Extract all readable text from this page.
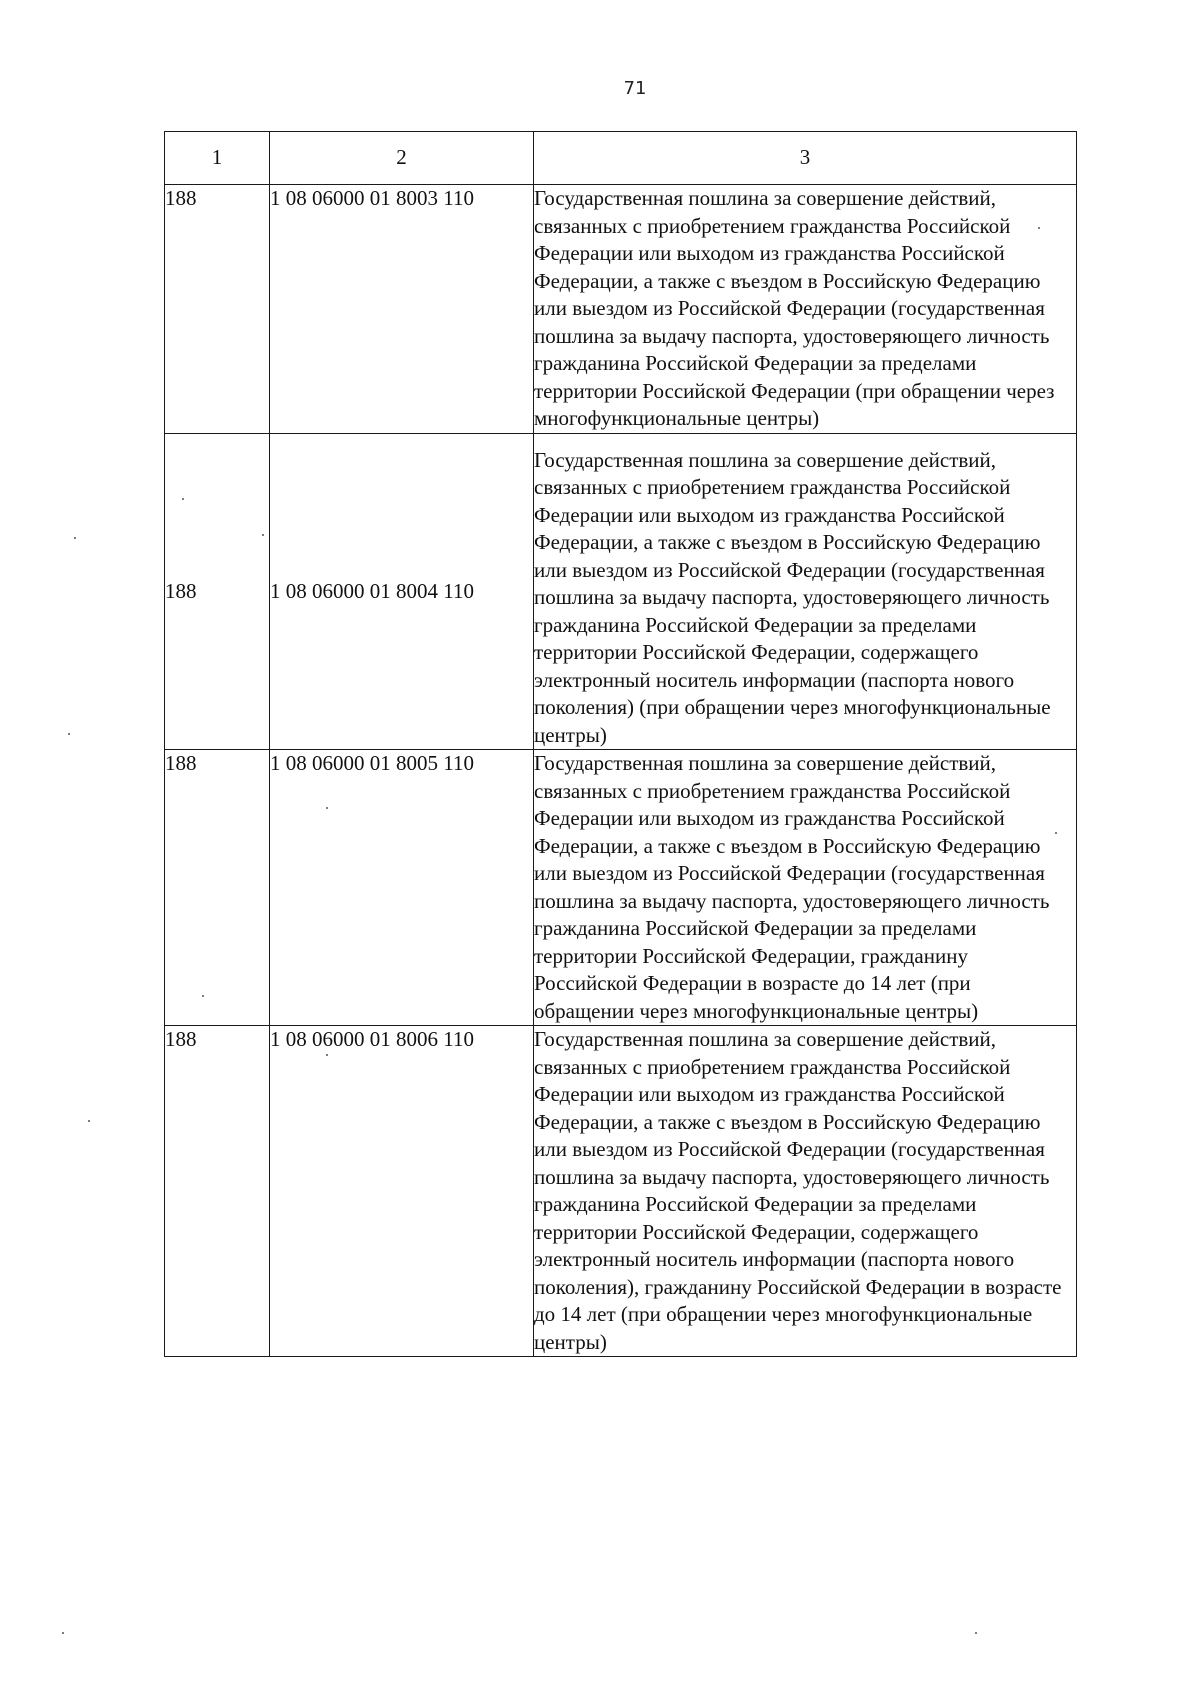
71
1	2	3
188	1 08 06000 01 8003 110	Государственная пошлина за совершение действий, связанных с приобретением гражданства Российской Федерации или выходом из гражданства Российской Федерации, а также с въездом в Российскую Федерацию или выездом из Российской Федерации (государственная пошлина за выдачу паспорта, удостоверяющего личность гражданина Российской Федерации за пределами территории Российской Федерации (при обращении через многофункциональные центры)
188	1 08 06000 01 8004 110	Государственная пошлина за совершение действий, связанных с приобретением гражданства Российской Федерации или выходом из гражданства Российской Федерации, а также с въездом в Российскую Федерацию или выездом из Российской Федерации (государственная пошлина за выдачу паспорта, удостоверяющего личность гражданина Российской Федерации за пределами территории Российской Федерации, содержащего электронный носитель информации (паспорта нового поколения) (при обращении через многофункциональные центры)
188	1 08 06000 01 8005 110	Государственная пошлина за совершение действий, связанных с приобретением гражданства Российской Федерации или выходом из гражданства Российской Федерации, а также с въездом в Российскую Федерацию или выездом из Российской Федерации (государственная пошлина за выдачу паспорта, удостоверяющего личность гражданина Российской Федерации за пределами территории Российской Федерации, гражданину Российской Федерации в возрасте до 14 лет (при обращении через многофункциональные центры)
188	1 08 06000 01 8006 110	Государственная пошлина за совершение действий, связанных с приобретением гражданства Российской Федерации или выходом из гражданства Российской Федерации, а также с въездом в Российскую Федерацию или выездом из Российской Федерации (государственная пошлина за выдачу паспорта, удостоверяющего личность гражданина Российской Федерации за пределами территории Российской Федерации, содержащего электронный носитель информации (паспорта нового поколения), гражданину Российской Федерации в возрасте до 14 лет (при обращении через многофункциональные центры)
